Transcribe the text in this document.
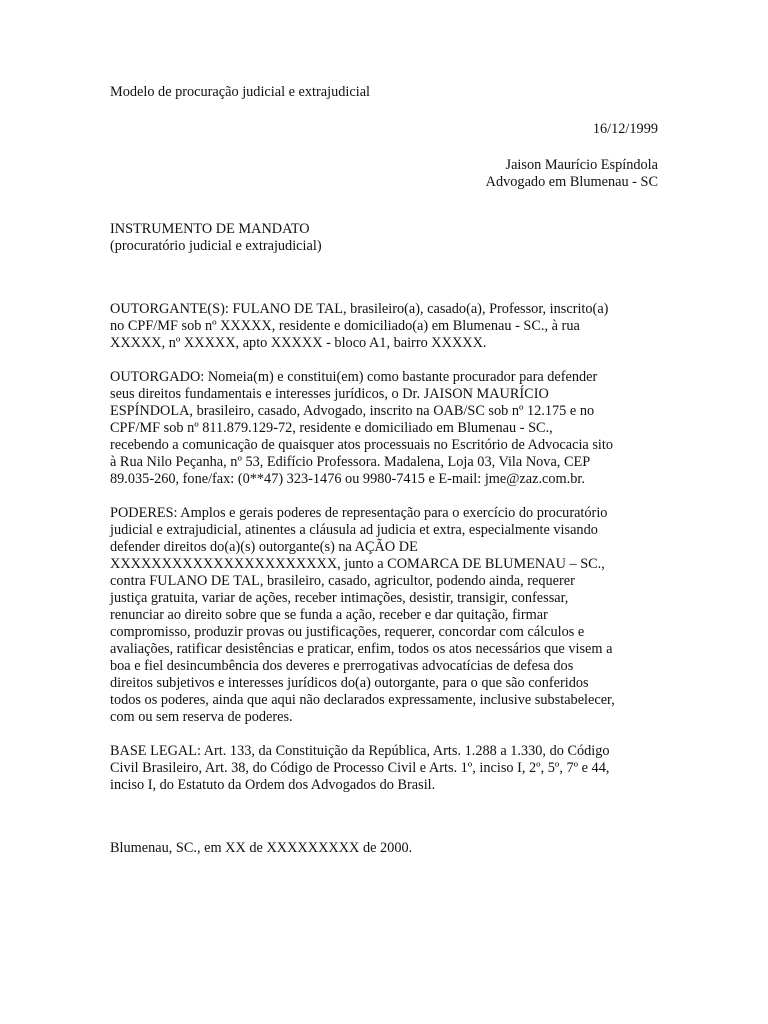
Modelo de procuração judicial e extrajudicial

16/12/1999

Jaison Maurício Espíndola

Advogado em Blumenau - SC

INSTRUMENTO DE MANDATO

(procuratório judicial e extrajudicial)

OUTORGANTE(S): FULANO DE TAL, brasileiro(a), casado(a), Professor, inscrito(a)

no CPF/MF sob nº XXXXX, residente e domiciliado(a) em Blumenau - SC., à rua

XXXXX, nº XXXXX, apto XXXXX - bloco A1, bairro XXXXX.

OUTORGADO: Nomeia(m) e constitui(em) como bastante procurador para defender

seus direitos fundamentais e interesses jurídicos, o Dr. JAISON MAURÍCIO

ESPÍNDOLA, brasileiro, casado, Advogado, inscrito na OAB/SC sob nº 12.175 e no

CPF/MF sob nº 811.879.129-72, residente e domiciliado em Blumenau - SC.,

recebendo a comunicação de quaisquer atos processuais no Escritório de Advocacia sito

à Rua Nilo Peçanha, nº 53, Edifício Professora. Madalena, Loja 03, Vila Nova, CEP

89.035-260, fone/fax: (0**47) 323-1476 ou 9980-7415 e E-mail: jme@zaz.com.br.

PODERES: Amplos e gerais poderes de representação para o exercício do procuratório

judicial e extrajudicial, atinentes a cláusula ad judicia et extra, especialmente visando

defender direitos do(a)(s) outorgante(s) na AÇÃO DE

XXXXXXXXXXXXXXXXXXXXXX, junto a COMARCA DE BLUMENAU – SC.,

contra FULANO DE TAL, brasileiro, casado, agricultor, podendo ainda, requerer

justiça gratuita, variar de ações, receber intimações, desistir, transigir, confessar,

renunciar ao direito sobre que se funda a ação, receber e dar quitação, firmar

compromisso, produzir provas ou justificações, requerer, concordar com cálculos e

avaliações, ratificar desistências e praticar, enfim, todos os atos necessários que visem a

boa e fiel desincumbência dos deveres e prerrogativas advocatícias de defesa dos

direitos subjetivos e interesses jurídicos do(a) outorgante, para o que são conferidos

todos os poderes, ainda que aqui não declarados expressamente, inclusive substabelecer,

com ou sem reserva de poderes.

BASE LEGAL: Art. 133, da Constituição da República, Arts. 1.288 a 1.330, do Código

Civil Brasileiro, Art. 38, do Código de Processo Civil e Arts. 1º, inciso I, 2º, 5º, 7º e 44,

inciso I, do Estatuto da Ordem dos Advogados do Brasil.

Blumenau, SC., em XX de XXXXXXXXX de 2000.
